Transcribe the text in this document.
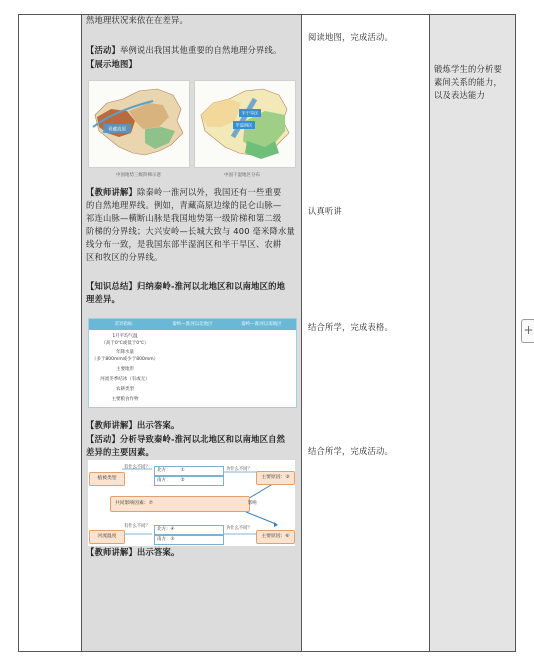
然地理状况来依在在差异。
【活动】举例说出我国其他重要的自然地理分界线。
【展示地图】
青藏高原
中国地势三级阶梯示意
半干旱区
半湿润区
中国干湿地区分布
【教师讲解】除秦岭一淮河以外，我国还有一些重要
的自然地理界线。例如，青藏高原边缘的昆仑山脉—
祁连山脉—横断山脉是我国地势第一级阶梯和第二级
阶梯的分界线；大兴安岭—长城大致与 400 毫米降水量
线分布一致，是我国东部半湿润区和半干旱区、农耕
区和牧区的分界线。
【知识总结】归纳秦岭-淮河以北地区和以南地区的地
理差异。
差异指标	秦岭—淮河以北地区	秦岭—淮河以南地区
1月平均气温
（高于0℃或低于0℃）
年降水量
（多于800mm或少于800mm）
主要地形
河流冬季结冰（有或无）
农耕类型
主要粮食作物
【教师讲解】出示答案。
【活动】分析导致秦岭-淮河以北地区和以南地区自然
差异的主要因素。
植被类型
有什么不同？
北方： ①
南方： ②
为什么不同？
主要原因：③
共同影响因素：⑦	影响
河流温度
有什么不同？
北方：④
南方：⑤
为什么不同？
主要原因：⑥
【教师讲解】出示答案。
阅读地图，完成活动。
认真听讲
结合所学，完成表格。
结合所学，完成活动。
锻炼学生的分析要
素间关系的能力，
以及表达能力
+
